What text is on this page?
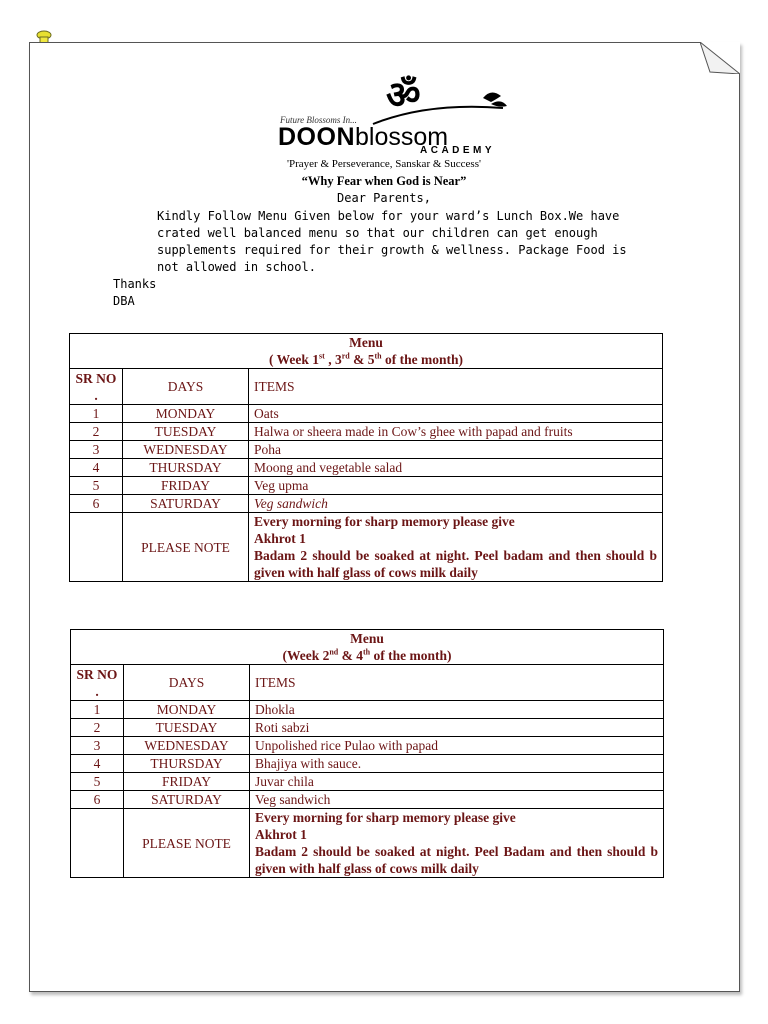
ॐ
Future Blossoms In...
DOONblossom
ACADEMY
'Prayer & Perseverance, Sanskar & Success'
“Why Fear when God is Near”
Dear Parents,

Kindly Follow Menu Given below for your ward’s Lunch Box.We have crated well balanced menu so that our children can get enough supplements required for their growth & wellness. Package Food is not allowed in school.

Thanks

DBA

Menu
( Week 1st , 3rd & 5th of the month)		

SR NO .	DAYS	ITEMS
1	MONDAY	Oats
2	TUESDAY	Halwa or sheera made in Cow’s ghee with papad and fruits
3	WEDNESDAY	Poha
4	THURSDAY	Moong and vegetable salad
5	FRIDAY	Veg upma
6	SATURDAY	Veg sandwich
	PLEASE NOTE	Every morning for sharp memory please give
Akhrot 1
Badam 2 should be soaked at night. Peel badam and then should b given with half glass of cows milk daily
Menu
(Week 2nd & 4th of the month)		

SR NO .	DAYS	ITEMS
1	MONDAY	Dhokla
2	TUESDAY	Roti sabzi
3	WEDNESDAY	Unpolished rice Pulao with papad
4	THURSDAY	Bhajiya with sauce.
5	FRIDAY	Juvar chila
6	SATURDAY	Veg sandwich
	PLEASE NOTE	Every morning for sharp memory please give
Akhrot 1
Badam 2 should be soaked at night. Peel Badam and then should b given with half glass of cows milk daily
